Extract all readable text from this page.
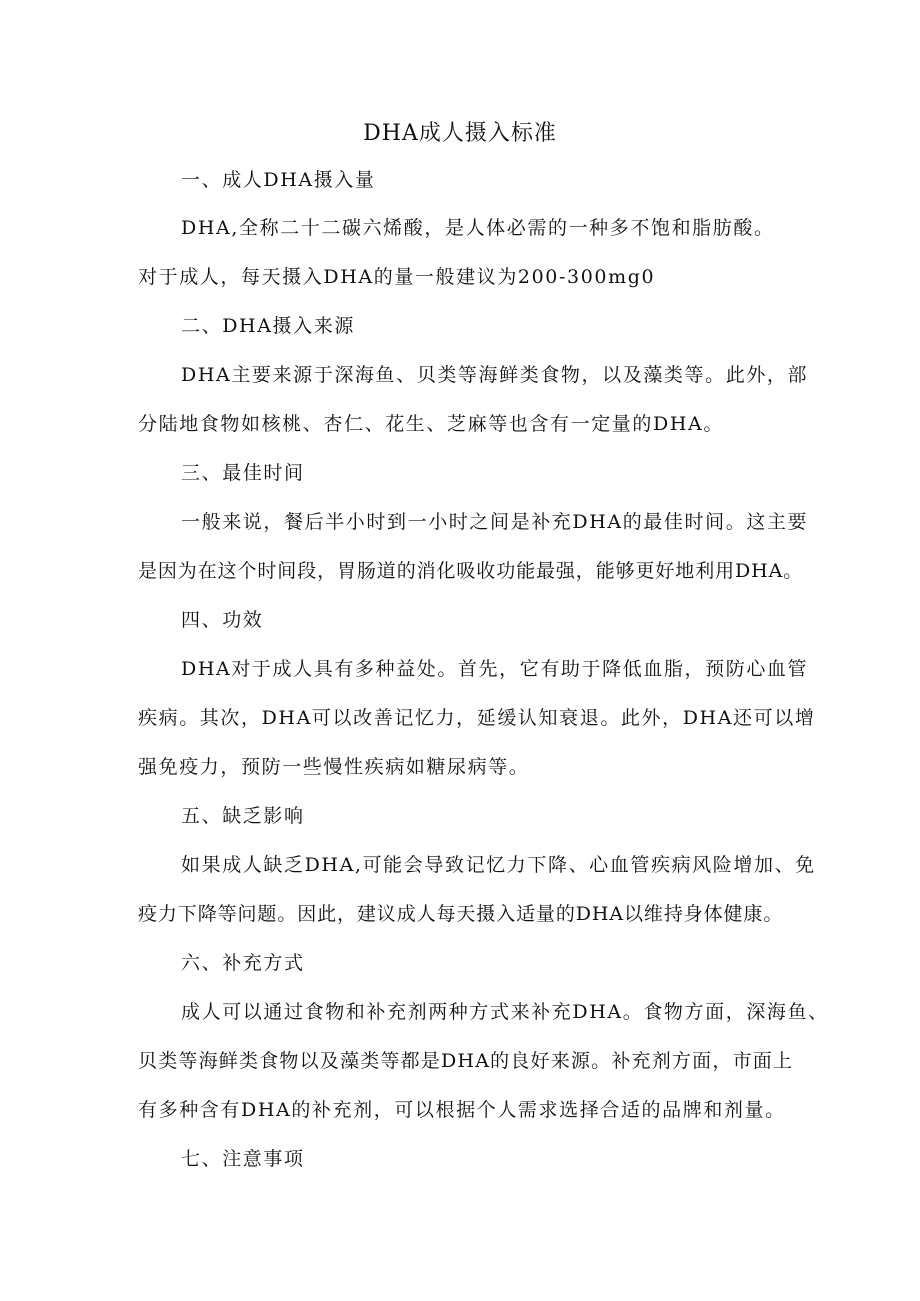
DHA成人摄入标准
一、成人DHA摄入量
DHA,全称二十二碳六烯酸，是人体必需的一种多不饱和脂肪酸。
对于成人，每天摄入DHA的量一般建议为200-300mg0
二、DHA摄入来源
DHA主要来源于深海鱼、贝类等海鲜类食物，以及藻类等。此外，部
分陆地食物如核桃、杏仁、花生、芝麻等也含有一定量的DHA。
三、最佳时间
一般来说，餐后半小时到一小时之间是补充DHA的最佳时间。这主要
是因为在这个时间段，胃肠道的消化吸收功能最强，能够更好地利用DHA。
四、功效
DHA对于成人具有多种益处。首先，它有助于降低血脂，预防心血管
疾病。其次，DHA可以改善记忆力，延缓认知衰退。此外，DHA还可以增
强免疫力，预防一些慢性疾病如糖尿病等。
五、缺乏影响
如果成人缺乏DHA,可能会导致记忆力下降、心血管疾病风险增加、免
疫力下降等问题。因此，建议成人每天摄入适量的DHA以维持身体健康。
六、补充方式
成人可以通过食物和补充剂两种方式来补充DHA。食物方面，深海鱼、
贝类等海鲜类食物以及藻类等都是DHA的良好来源。补充剂方面，市面上
有多种含有DHA的补充剂，可以根据个人需求选择合适的品牌和剂量。
七、注意事项
